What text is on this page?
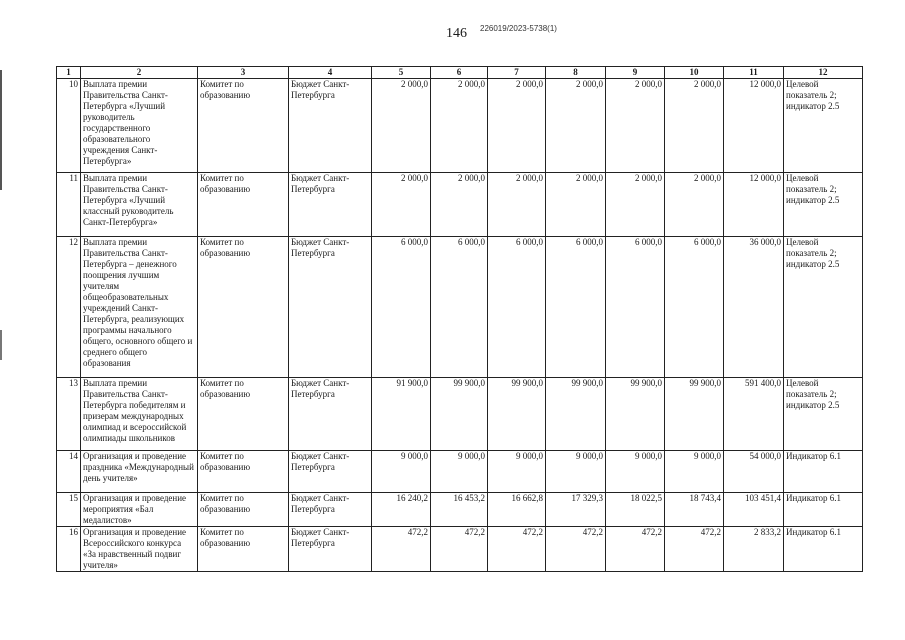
146 226019/2023-5738(1)
1	2	3	4	5	6	7	8	9	10	11	12
10	Выплата премии Правительства Санкт-Петербурга «Лучший руководитель государственного образовательного учреждения Санкт-Петербурга»	Комитет по образованию	Бюджет Санкт-Петербурга	2 000,0	2 000,0	2 000,0	2 000,0	2 000,0	2 000,0	12 000,0	Целевой показатель 2; индикатор 2.5
11	Выплата премии Правительства Санкт-Петербурга «Лучший классный руководитель Санкт-Петербурга»	Комитет по образованию	Бюджет Санкт-Петербурга	2 000,0	2 000,0	2 000,0	2 000,0	2 000,0	2 000,0	12 000,0	Целевой показатель 2; индикатор 2.5
12	Выплата премии Правительства Санкт-Петербурга – денежного поощрения лучшим учителям общеобразовательных учреждений Санкт-Петербурга, реализующих программы начального общего, основного общего и среднего общего образования	Комитет по образованию	Бюджет Санкт-Петербурга	6 000,0	6 000,0	6 000,0	6 000,0	6 000,0	6 000,0	36 000,0	Целевой показатель 2; индикатор 2.5
13	Выплата премии Правительства Санкт-Петербурга победителям и призерам международных олимпиад и всероссийской олимпиады школьников	Комитет по образованию	Бюджет Санкт-Петербурга	91 900,0	99 900,0	99 900,0	99 900,0	99 900,0	99 900,0	591 400,0	Целевой показатель 2; индикатор 2.5
14	Организация и проведение праздника «Международный день учителя»	Комитет по образованию	Бюджет Санкт-Петербурга	9 000,0	9 000,0	9 000,0	9 000,0	9 000,0	9 000,0	54 000,0	Индикатор 6.1
15	Организация и проведение мероприятия «Бал медалистов»	Комитет по образованию	Бюджет Санкт-Петербурга	16 240,2	16 453,2	16 662,8	17 329,3	18 022,5	18 743,4	103 451,4	Индикатор 6.1
16	Организация и проведение Всероссийского конкурса «За нравственный подвиг учителя»	Комитет по образованию	Бюджет Санкт-Петербурга	472,2	472,2	472,2	472,2	472,2	472,2	2 833,2	Индикатор 6.1
